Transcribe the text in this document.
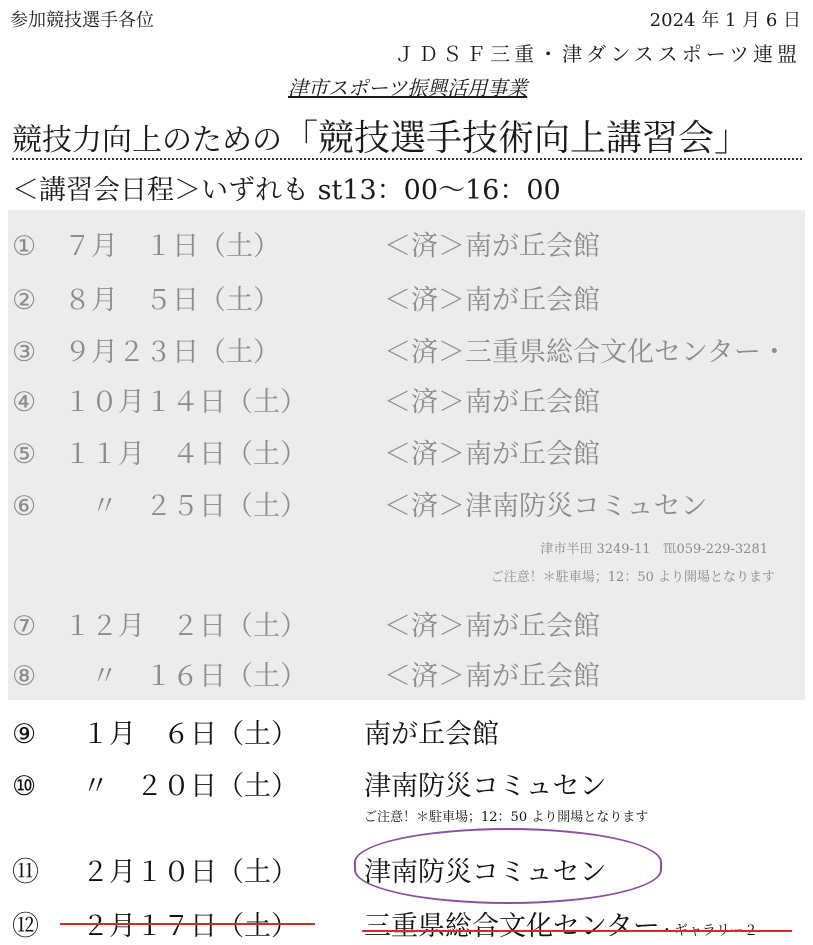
参加競技選手各位	2024 年 1 月 6 日
ＪＤＳＦ三重・津ダンススポーツ連盟
津市スポーツ振興活用事業
競技力向上のための「競技選手技術向上講習会」
＜講習会日程＞いずれも st13：00～16：00
① ７月　１日（土）	＜済＞南が丘会館
② ８月　５日（土）	＜済＞南が丘会館
③ ９月２３日（土）	＜済＞三重県総合文化センター・
④ １０月１４日（土）	＜済＞南が丘会館
⑤ １１月　４日（土）	＜済＞南が丘会館
⑥　〃　２５日（土）	＜済＞津南防災コミュセン
津市半田 3249-11　℡059-229-3281
ご注意！＊駐車場；12：50 より開場となります
⑦ １２月　２日（土）	＜済＞南が丘会館
⑧　〃　１６日（土）	＜済＞南が丘会館
⑨ １月　６日（土） 南が丘会館
⑩ 〃　２０日（土） 津南防災コミュセン
ご注意！＊駐車場；12：50 より開場となります
⑪ ２月１０日（土） 津南防災コミュセン
⑫ ２月１７日（土） 三重県総合文化センター・ギャラリー２
